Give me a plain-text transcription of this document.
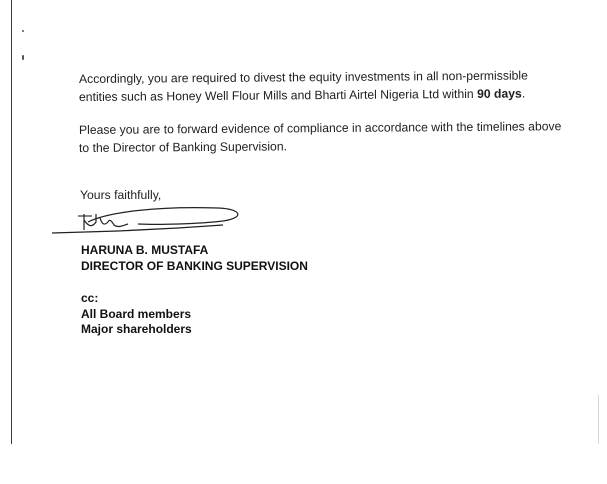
Accordingly, you are required to divest the equity investments in all non-permissible
entities such as Honey Well Flour Mills and Bharti Airtel Nigeria Ltd within 90 days.

Please you are to forward evidence of compliance in accordance with the timelines above
to the Director of Banking Supervision.

Yours faithfully,

HARUNA B. MUSTAFA
DIRECTOR OF BANKING SUPERVISION

cc:
All Board members
Major shareholders
